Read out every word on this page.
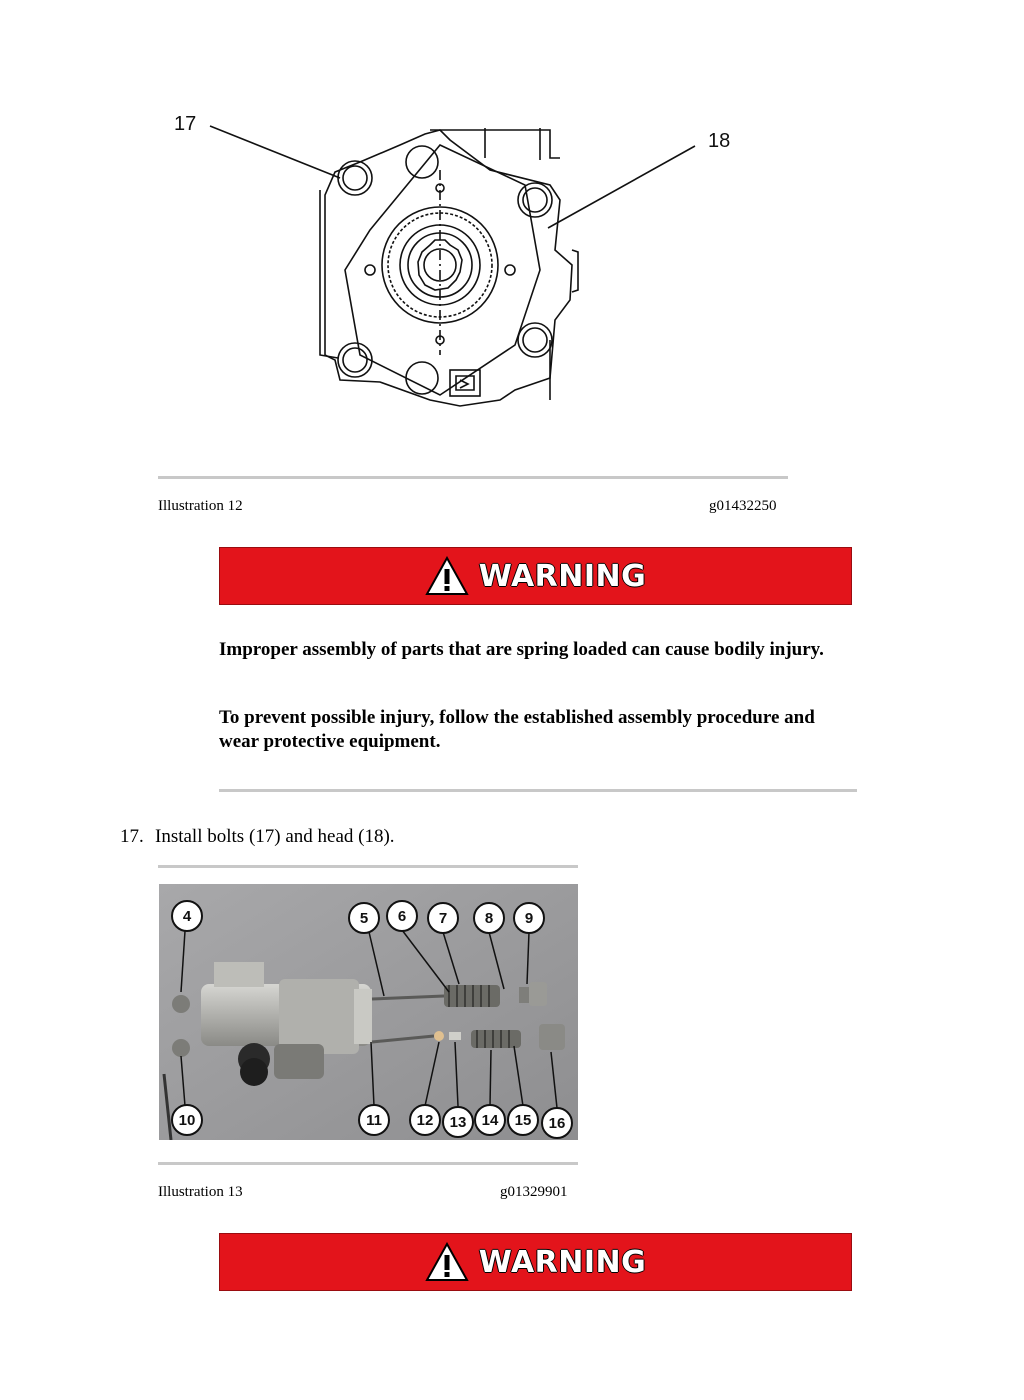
17
18
Illustration 12	g01432250
WARNING
Improper assembly of parts that are spring loaded can cause bodily injury.
To prevent possible injury, follow the established assembly procedure and wear protective equipment.
17. Install bolts (17) and head (18).
4	5 6 7	8 9
10	11 12 13 14 15 16
Illustration 13	g01329901
WARNING
